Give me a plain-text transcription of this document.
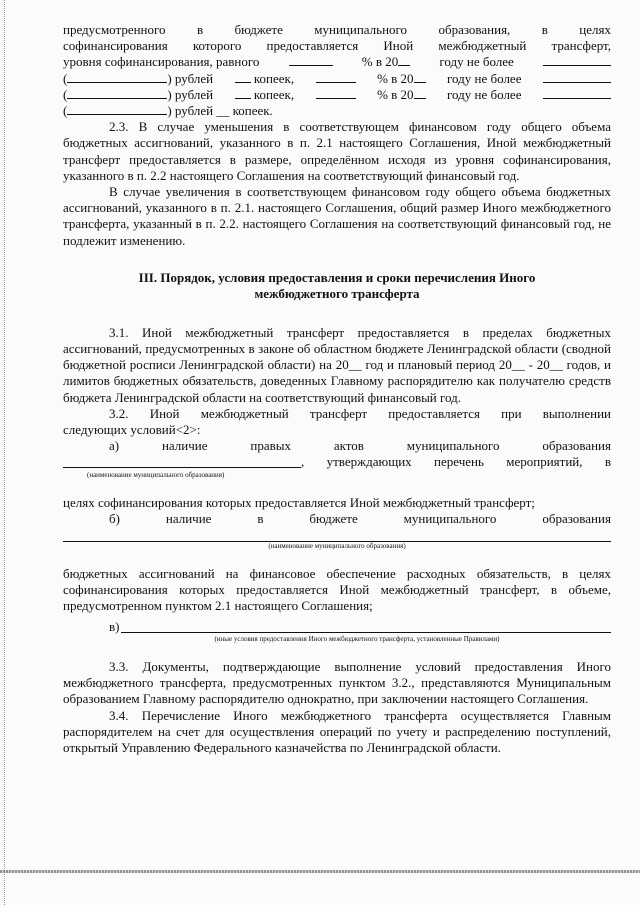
предусмотренного в бюджете муниципального образования, в целях

софинансирования которого предоставляется Иной межбюджетный трансферт,

уровня софинансирования, равного	% в 20	году не более
(	) рублей	копеек,	% в 20	году не более
(	) рублей	копеек,	% в 20	году не более

(	) рублей __ копеек.

2.3. В случае уменьшения в соответствующем финансовом году общего объема бюджетных ассигнований, указанного в п. 2.1 настоящего Соглашения, Иной межбюджетный трансферт предоставляется в размере, определённом исходя из уровня софинансирования, указанного в п. 2.2 настоящего Соглашения на соответствующий финансовый год.

В случае увеличения в соответствующем финансовом году общего объема бюджетных ассигнований, указанного в п. 2.1. настоящего Соглашения, общий размер Иного межбюджетного трансферта, указанный в п. 2.2. настоящего Соглашения на соответствующий финансовый год, не подлежит изменению.

III. Порядок, условия предоставления и сроки перечисления Иного
межбюджетного трансферта

3.1. Иной межбюджетный трансферт предоставляется в пределах бюджетных ассигнований, предусмотренных в законе об областном бюджете Ленинградской области (сводной бюджетной росписи Ленинградской области) на 20__ год и плановый период 20__ - 20__ годов, и лимитов бюджетных обязательств, доведенных Главному распорядителю как получателю средств бюджета Ленинградской области на соответствующий финансовый год.

3.2. Иной межбюджетный трансферт предоставляется при выполнении

следующих условий<2>:

а)	наличие	правых	актов	муниципального	образования
, утверждающих перечень мероприятий, в

(наименование муниципального образования)

целях софинансирования которых предоставляется Иной межбюджетный трансферт;

б)	наличие	в	бюджете	муниципального	образования

(наименование муниципального образования)

бюджетных ассигнований на финансовое обеспечение расходных обязательств, в целях софинансирования которых предоставляется Иной межбюджетный трансферт, в объеме, предусмотренном пунктом 2.1 настоящего Соглашения;

в)

(иные условия предоставления Иного межбюджетного трансферта, установленные Правилами)

3.3. Документы, подтверждающие выполнение условий предоставления Иного межбюджетного трансферта, предусмотренных пунктом 3.2., представляются Муниципальным образованием Главному распорядителю однократно, при заключении настоящего Соглашения.

3.4. Перечисление Иного межбюджетного трансферта осуществляется Главным распорядителем на счет для осуществления операций по учету и распределению поступлений, открытый Управлению Федерального казначейства по Ленинградской области.
